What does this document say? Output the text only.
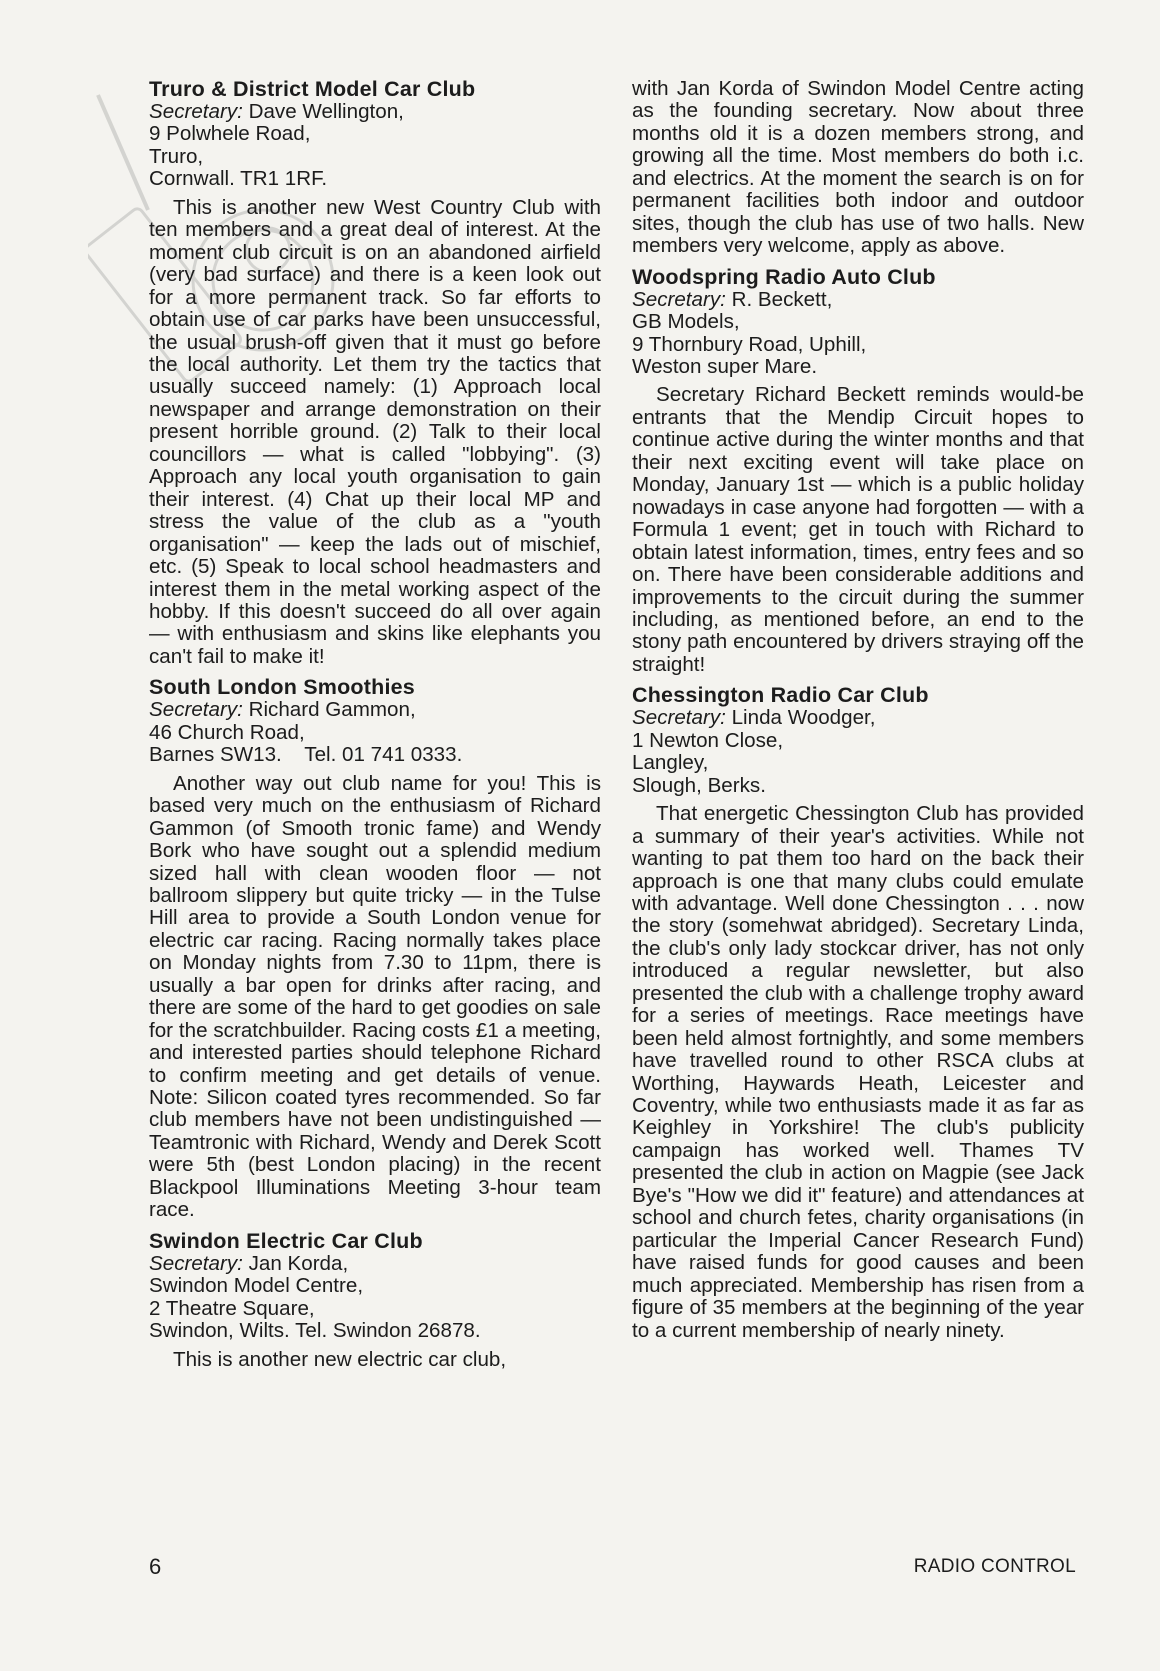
Truro & District Model Car Club
Secretary: Dave Wellington,
9 Polwhele Road,
Truro,
Cornwall. TR1 1RF.

This is another new West Country Club with ten members and a great deal of interest. At the moment club circuit is on an abandoned airfield (very bad surface) and there is a keen look out for a more permanent track. So far efforts to obtain use of car parks have been unsuccessful, the usual brush-off given that it must go before the local authority. Let them try the tactics that usually succeed namely: (1) Approach local newspaper and arrange demonstration on their present horrible ground. (2) Talk to their local councillors — what is called "lobbying". (3) Approach any local youth organisation to gain their interest. (4) Chat up their local MP and stress the value of the club as a "youth organisation" — keep the lads out of mischief, etc. (5) Speak to local school headmasters and interest them in the metal working aspect of the hobby. If this doesn't succeed do all over again — with enthusiasm and skins like elephants you can't fail to make it!

South London Smoothies
Secretary: Richard Gammon,
46 Church Road,
Barnes SW13.    Tel. 01 741 0333.

Another way out club name for you! This is based very much on the enthusiasm of Richard Gammon (of Smooth tronic fame) and Wendy Bork who have sought out a splendid medium sized hall with clean wooden floor — not ballroom slippery but quite tricky — in the Tulse Hill area to provide a South London venue for electric car racing. Racing normally takes place on Monday nights from 7.30 to 11pm, there is usually a bar open for drinks after racing, and there are some of the hard to get goodies on sale for the scratchbuilder. Racing costs £1 a meeting, and interested parties should telephone Richard to confirm meeting and get details of venue. Note: Silicon coated tyres recommended. So far club members have not been undistinguished — Teamtronic with Richard, Wendy and Derek Scott were 5th (best London placing) in the recent Blackpool Illuminations Meeting 3-hour team race.

Swindon Electric Car Club
Secretary: Jan Korda,
Swindon Model Centre,
2 Theatre Square,
Swindon, Wilts. Tel. Swindon 26878.

This is another new electric car club,

with Jan Korda of Swindon Model Centre acting as the founding secretary. Now about three months old it is a dozen members strong, and growing all the time. Most members do both i.c. and electrics. At the moment the search is on for permanent facilities both indoor and outdoor sites, though the club has use of two halls. New members very welcome, apply as above.

Woodspring Radio Auto Club
Secretary: R. Beckett,
GB Models,
9 Thornbury Road, Uphill,
Weston super Mare.

Secretary Richard Beckett reminds would-be entrants that the Mendip Circuit hopes to continue active during the winter months and that their next exciting event will take place on Monday, January 1st — which is a public holiday nowadays in case anyone had forgotten — with a Formula 1 event; get in touch with Richard to obtain latest information, times, entry fees and so on. There have been considerable additions and improvements to the circuit during the summer including, as mentioned before, an end to the stony path encountered by drivers straying off the straight!

Chessington Radio Car Club
Secretary: Linda Woodger,
1 Newton Close,
Langley,
Slough, Berks.

That energetic Chessington Club has provided a summary of their year's activities. While not wanting to pat them too hard on the back their approach is one that many clubs could emulate with advantage. Well done Chessington . . . now the story (somehwat abridged). Secretary Linda, the club's only lady stockcar driver, has not only introduced a regular newsletter, but also presented the club with a challenge trophy award for a series of meetings. Race meetings have been held almost fortnightly, and some members have travelled round to other RSCA clubs at Worthing, Haywards Heath, Leicester and Coventry, while two enthusiasts made it as far as Keighley in Yorkshire! The club's publicity campaign has worked well. Thames TV presented the club in action on Magpie (see Jack Bye's "How we did it" feature) and attendances at school and church fetes, charity organisations (in particular the Imperial Cancer Research Fund) have raised funds for good causes and been much appreciated. Membership has risen from a figure of 35 members at the beginning of the year to a current membership of nearly ninety.

6	RADIO CONTROL
